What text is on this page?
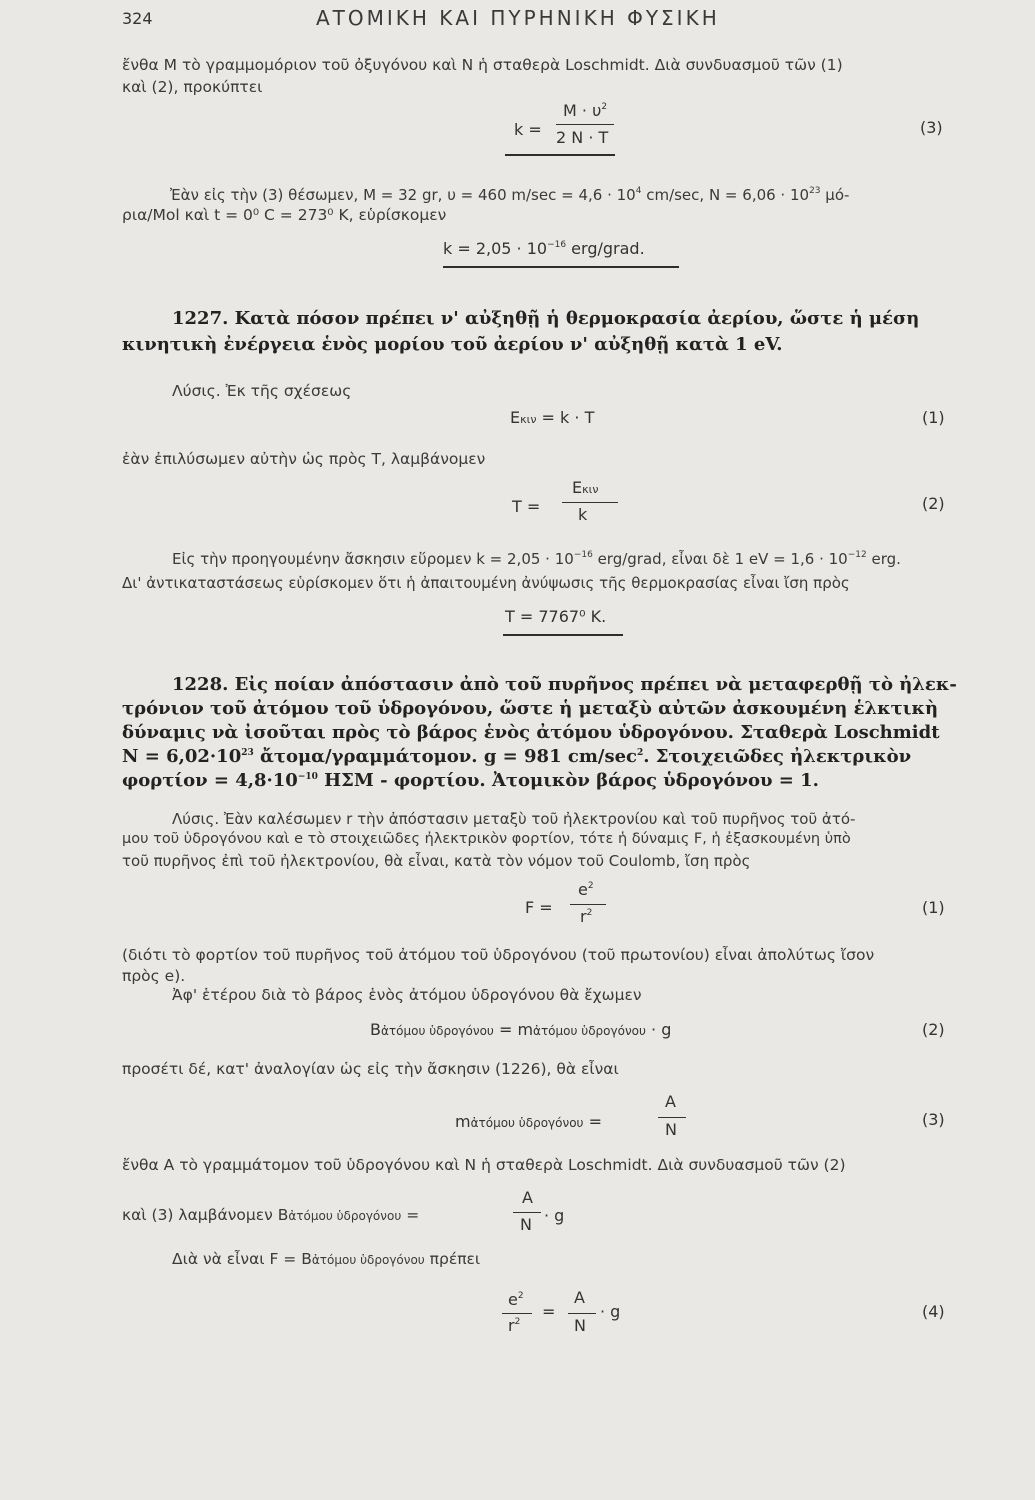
324	ΑΤΟΜΙΚΗ ΚΑΙ ΠΥΡΗΝΙΚΗ ΦΥΣΙΚΗ
ἔνθα M τὸ γραμμομόριον τοῦ ὀξυγόνου καὶ N ἡ σταθερὰ Loschmidt. Διὰ συνδυασμοῦ τῶν (1)
καὶ (2), προκύπτει
k =
$M \cdot \upsilon^2$
2 N · T
(3)
Ἐὰν εἰς τὴν (3) θέσωμεν, M = 32 gr, υ = 460 $m/\sec = 4,6 \cdot 10^4$ cm/sec, $N = 6,06 \cdot 10^{23}$ μό-
ρια/Mol καὶ t = 0⁰ C = 273⁰ K, εὑρίσκομεν
$k = 2,05 \cdot 10^{-16}$ erg/grad.
1227. Κατὰ πόσον πρέπει ν' αὐξηθῇ ἡ θερμοκρασία ἀερίου, ὥστε ἡ μέση
κινητικὴ ἐνέργεια ἑνὸς μορίου τοῦ ἀερίου ν' αὐξηθῇ κατὰ 1 eV.
Λύσις. Ἐκ τῆς σχέσεως
Eκιν = k · T	(1)
ἐὰν ἐπιλύσωμεν αὐτὴν ὡς πρὸς T, λαμβάνομεν
T =
Eκιν
k
(2)
Εἰς τὴν προηγουμένην ἄσκησιν εὕρομεν $k = 2,05 \cdot 10^{-16}$ erg/grad, εἶναι δὲ 1 eV = $1,6 \cdot 10^{-12}$ erg.
Δι' ἀντικαταστάσεως εὑρίσκομεν ὅτι ἡ ἀπαιτουμένη ἀνύψωσις τῆς θερμοκρασίας εἶναι ἴση πρὸς
T = 7767⁰ K.
1228. Εἰς ποίαν ἀπόστασιν ἀπὸ τοῦ πυρῆνος πρέπει νὰ μεταφερθῇ τὸ ἠλεκ-
τρόνιον τοῦ ἀτόμου τοῦ ὑδρογόνου, ὥστε ἡ μεταξὺ αὐτῶν ἀσκουμένη ἑλκτικὴ
δύναμις νὰ ἰσοῦται πρὸς τὸ βάρος ἑνὸς ἀτόμου ὑδρογόνου. Σταθερὰ Loschmidt
$N = 6,02\cdot 10^{23}$ ἄτομα/γραμμάτομον. g = 981 $cm/\sec^2$. Στοιχειῶδες ἠλεκτρικὸν
$\varphi o\rho\tau ίo\nu = 4,8\cdot 10^{-10}$ ΗΣΜ - φορτίου. Ἀτομικὸν βάρος ὑδρογόνου = 1.
Λύσις. Ἐὰν καλέσωμεν r τὴν ἀπόστασιν μεταξὺ τοῦ ἠλεκτρονίου καὶ τοῦ πυρῆνος τοῦ ἀτό-
μου τοῦ ὑδρογόνου καὶ e τὸ στοιχειῶδες ἠλεκτρικὸν φορτίον, τότε ἡ δύναμις F, ἡ ἐξασκουμένη ὑπὸ
τοῦ πυρῆνος ἐπὶ τοῦ ἠλεκτρονίου, θὰ εἶναι, κατὰ τὸν νόμον τοῦ Coulomb, ἴση πρὸς
F =
$e^2$
$r^2$	(1)
(διότι τὸ φορτίον τοῦ πυρῆνος τοῦ ἀτόμου τοῦ ὑδρογόνου (τοῦ πρωτονίου) εἶναι ἀπολύτως ἴσον
πρὸς e).
Ἀφ' ἑτέρου διὰ τὸ βάρος ἑνὸς ἀτόμου ὑδρογόνου θὰ ἔχωμεν
Bἀτόμου ὑδρογόνου = mἀτόμου ὑδρογόνου · g	(2)
προσέτι δέ, κατ' ἀναλογίαν ὡς εἰς τὴν ἄσκησιν (1226), θὰ εἶναι
mἀτόμου ὑδρογόνου =
A
N
(3)
ἔνθα A τὸ γραμμάτομον τοῦ ὑδρογόνου καὶ N ἡ σταθερὰ Loschmidt. Διὰ συνδυασμοῦ τῶν (2)
καὶ (3) λαμβάνομεν Bἀτόμου ὑδρογόνου =
A
N · g
Διὰ νὰ εἶναι F = Bἀτόμου ὑδρογόνου πρέπει
$e^2$
$r^2$
=
A
N
· g	(4)
